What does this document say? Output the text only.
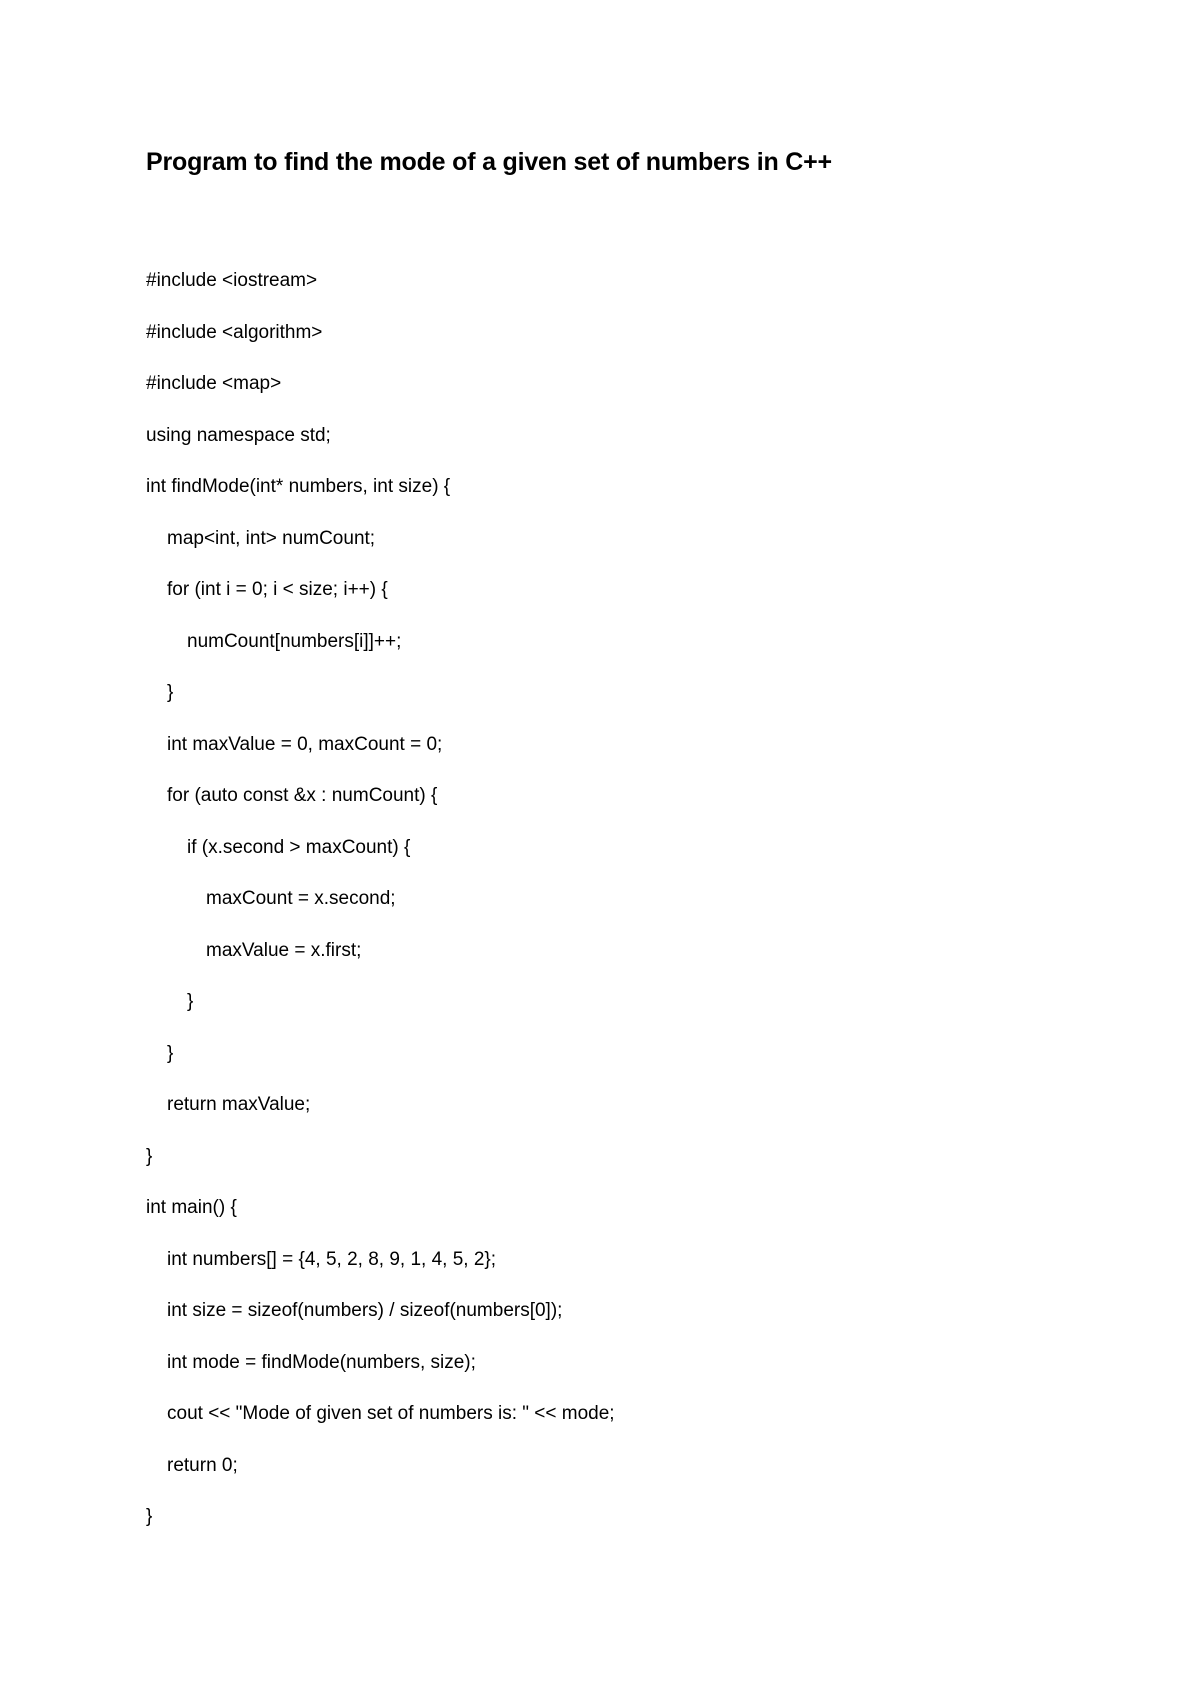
Program to find the mode of a given set of numbers in C++
#include <iostream>
#include <algorithm>
#include <map>
using namespace std;
int findMode(int* numbers, int size) {
map<int, int> numCount;
for (int i = 0; i < size; i++) {
numCount[numbers[i]]++;
}
int maxValue = 0, maxCount = 0;
for (auto const &x : numCount) {
if (x.second > maxCount) {
maxCount = x.second;
maxValue = x.first;
}
}
return maxValue;
}
int main() {
int numbers[] = {4, 5, 2, 8, 9, 1, 4, 5, 2};
int size = sizeof(numbers) / sizeof(numbers[0]);
int mode = findMode(numbers, size);
cout << "Mode of given set of numbers is: " << mode;
return 0;
}
